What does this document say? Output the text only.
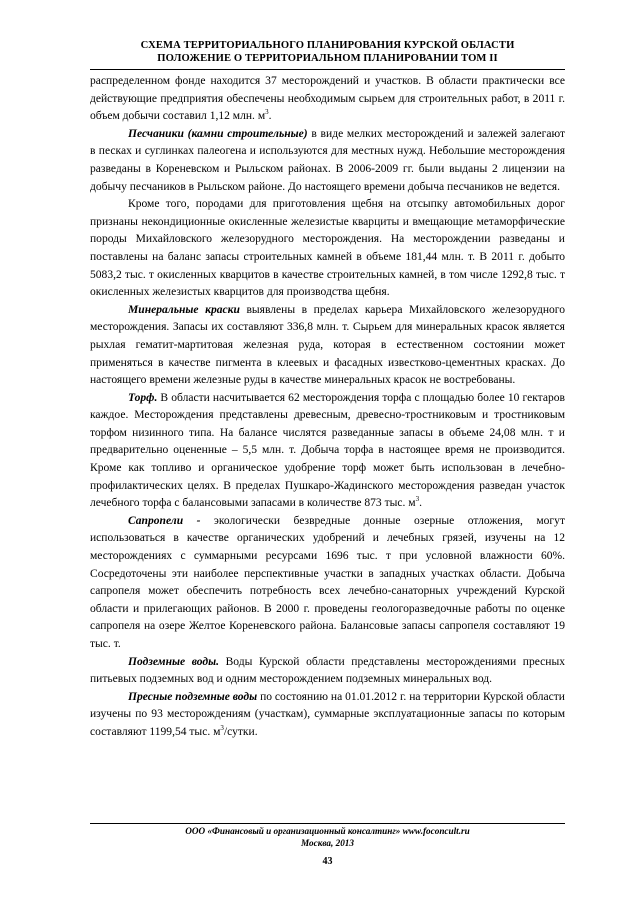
СХЕМА ТЕРРИТОРИАЛЬНОГО ПЛАНИРОВАНИЯ КУРСКОЙ ОБЛАСТИ
ПОЛОЖЕНИЕ О ТЕРРИТОРИАЛЬНОМ ПЛАНИРОВАНИИ ТОМ II

распределенном фонде находится 37 месторождений и участков. В области практически все действующие предприятия обеспечены необходимым сырьем для строительных работ, в 2011 г. объем добычи составил 1,12 млн. $м^3$.

Песчаники (камни строительные) в виде мелких месторождений и залежей залегают в песках и суглинках палеогена и используются для местных нужд. Небольшие месторождения разведаны в Кореневском и Рыльском районах. В 2006-2009 гг. были выданы 2 лицензии на добычу песчаников в Рыльском районе. До настоящего времени добыча песчаников не ведется.

Кроме того, породами для приготовления щебня на отсыпку автомобильных дорог признаны некондиционные окисленные железистые кварциты и вмещающие метаморфические породы Михайловского железорудного месторождения. На месторождении разведаны и поставлены на баланс запасы строительных камней в объеме 181,44 млн. т. В 2011 г. добыто 5083,2 тыс. т окисленных кварцитов в качестве строительных камней, в том числе 1292,8 тыс. т окисленных железистых кварцитов для производства щебня.

Минеральные краски выявлены в пределах карьера Михайловского железорудного месторождения. Запасы их составляют 336,8 млн. т. Сырьем для минеральных красок является рыхлая гематит-мартитовая железная руда, которая в естественном состоянии может применяться в качестве пигмента в клеевых и фасадных известково-цементных красках. До настоящего времени железные руды в качестве минеральных красок не востребованы.

Торф. В области насчитывается 62 месторождения торфа с площадью более 10 гектаров каждое. Месторождения представлены древесным, древесно-тростниковым и тростниковым торфом низинного типа. На балансе числятся разведанные запасы в объеме 24,08 млн. т и предварительно оцененные – 5,5 млн. т. Добыча торфа в настоящее время не производится. Кроме как топливо и органическое удобрение торф может быть использован в лечебно-профилактических целях. В пределах Пушкаро-Жадинского месторождения разведан участок лечебного торфа с балансовыми запасами в количестве 873 тыс. $м^3$.

Сапропели - экологически безвредные донные озерные отложения, могут использоваться в качестве органических удобрений и лечебных грязей, изучены на 12 месторождениях с суммарными ресурсами 1696 тыс. т при условной влажности 60%. Сосредоточены эти наиболее перспективные участки в западных участках области. Добыча сапропеля может обеспечить потребность всех лечебно-санаторных учреждений Курской области и прилегающих районов. В 2000 г. проведены геологоразведочные работы по оценке сапропеля на озере Желтое Кореневского района. Балансовые запасы сапропеля составляют 19 тыс. т.

Подземные воды. Воды Курской области представлены месторождениями пресных питьевых подземных вод и одним месторождением подземных минеральных вод.

Пресные подземные воды по состоянию на 01.01.2012 г. на территории Курской области изучены по 93 месторождениям (участкам), суммарные эксплуатационные запасы по которым составляют 1199,54 тыс. $м^3$/сутки.

ООО «Финансовый и организационный консалтинг» www.foconcult.ru
Москва, 2013
43
